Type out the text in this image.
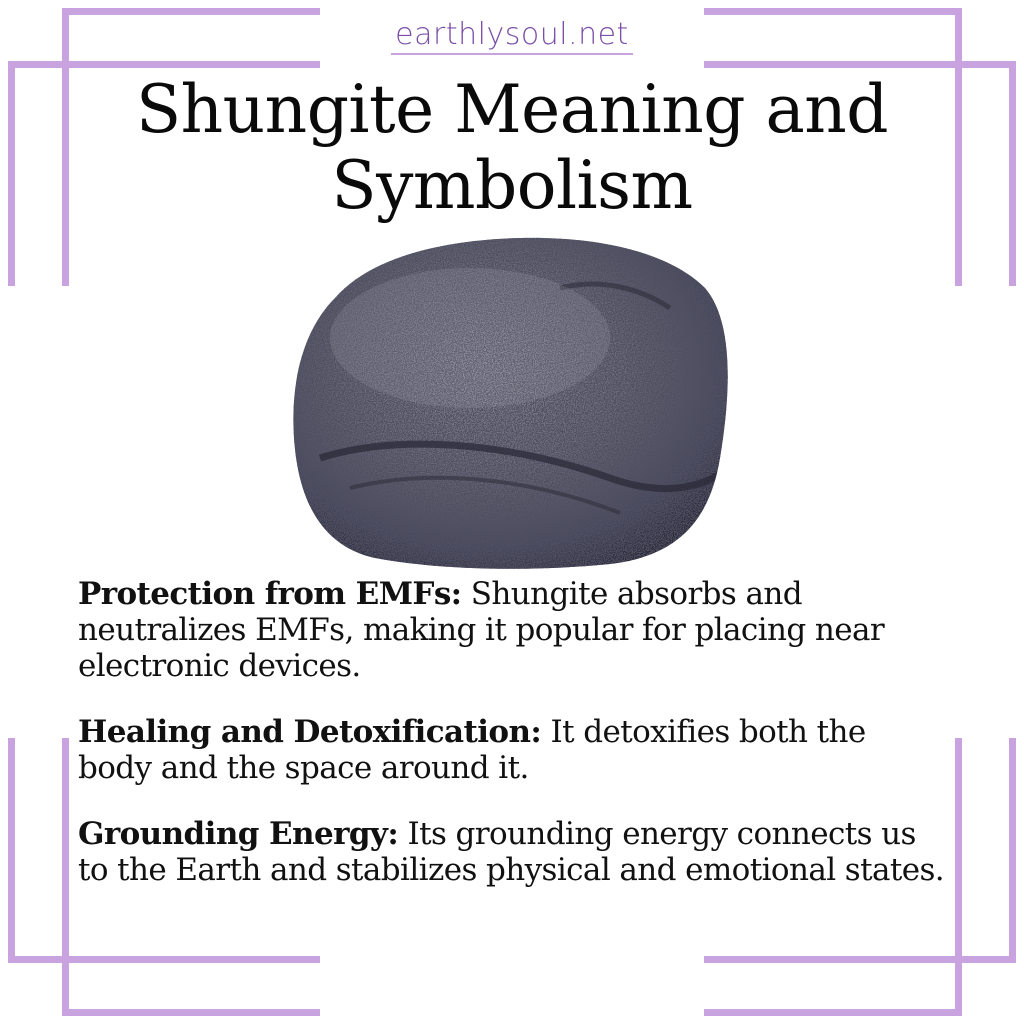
earthlysoul.net
Shungite Meaning and
Symbolism

Protection from EMFs: Shungite absorbs and neutralizes EMFs, making it popular for placing near electronic devices.

Healing and Detoxification: It detoxifies both the body and the space around it.

Grounding Energy: Its grounding energy connects us to the Earth and stabilizes physical and emotional states.
